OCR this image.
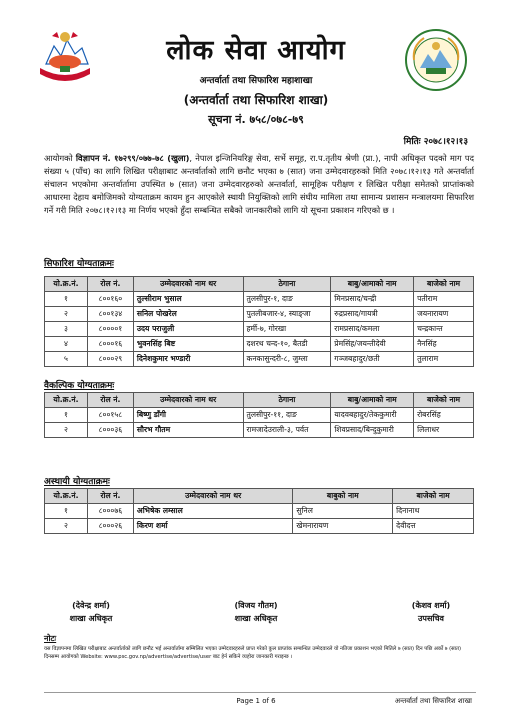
लोक सेवा आयोग
अन्तर्वार्ता तथा सिफारिश महाशाखा
(अन्तर्वार्ता तथा सिफारिश शाखा)
सूचना नं. ७५८/०७८-७९
मितिः २०७८।१२।१३
आयोगको विज्ञापन नं. १७२९९/०७७-७८ (खुला), नेपाल इन्जिनियरिङ्ग सेवा, सर्भे समूह, रा.प.तृतीय श्रेणी (प्रा.), नापी अधिकृत पदको माग पद संख्या ५ (पाँच) का लागि लिखित परीक्षाबाट अन्तर्वार्ताको लागि छनौट भएका ७ (सात) जना उम्मेदवारहरुको मिति २०७८।१२।१३ गते अन्तर्वार्ता संचालन भएकोमा अन्तर्वार्तामा उपस्थित ७ (सात) जना उम्मेदवारहरुको अन्तर्वार्ता, सामूहिक परीक्षण र लिखित परीक्षा समेतको प्राप्तांकको आधारमा देहाय बमोजिमको योग्यताक्रम कायम हुन आएकोले स्थायी नियुक्तिको लागि संघीय मामिला तथा सामान्य प्रशासन मन्त्रालयमा सिफारिश गर्ने गरी मिति २०७८।१२।१३ मा निर्णय भएको हुँदा सम्बन्धित सबैको जानकारीको लागि यो सूचना प्रकाशन गरिएको छ ।
सिफारिश योग्यताक्रमः
यो.क्र.नं.	रोल नं.	उम्मेदवारको नाम थर	ठेगाना	बाबु/आमाको नाम	बाजेको नाम
१	८००१६०	तुल्सीराम भुसाल	तुलसीपुर-१, दाङ	मिनप्रसाद/चन्द्री	पतीराम
२	८००१३४	सनिल पोखरेल	पुतलीबजार-४, स्याङ्जा	रुद्रप्रसाद/गायत्री	जयनारायण
३	८००००१	उदय पराजुली	हर्मी-७, गोरखा	रामप्रसाद/कमला	चन्द्रकान्त
४	८०००१६	भुवनसिंह बिष्ट	दशरथ चन्द-१०, बैतडी	प्रेमसिंह/जयन्तीदेवी	नैनसिंह
५	८०००२९	दिनेशकुमार भण्डारी	कनकासुन्दरी-८, जुम्ला	गञ्जबहादुर/छती	तुलाराम
वैकल्पिक योग्यताक्रमः
यो.क्र.नं.	रोल नं.	उम्मेदवारको नाम थर	ठेगाना	बाबु/आमाको नाम	बाजेको नाम
१	८००१५८	बिष्णु डाँगी	तुलसीपुर-११, दाङ	यादवबहादुर/तेककुमारी	रोबरसिंह
२	८०००३६	सौरभ गौतम	रामजादेउराली-३, पर्वत	शिवप्रसाद/बिन्दुकुमारी	लिलाधर
अस्थायी योग्यताक्रमः
यो.क्र.नं.	रोल नं.	उम्मेदवारको नाम थर	बाबुको नाम	बाजेको नाम
१	८०००७६	अभिषेक लम्साल	सुनिल	दिनानाथ
२	८०००२६	किरण शर्मा	खेमनारायण	देवीदत्त
(देवेन्द्र शर्मा)
शाखा अधिकृत
(विजय गौतम)
शाखा अधिकृत
(केशव शर्मा)
उपसचिव
नोटः
यस विज्ञापनमा लिखित परीक्षाबाट अन्तर्वार्ताको लागि छनौट भई अन्तर्वार्तामा सम्मिलित भएका उम्मेदवारहरुले प्राप्त गरेको कुल प्राप्तांक सम्बन्धित उम्मेदवारले यो नतिजा प्रकाशन भएको मितिले ७ (सात) दिन पछि अर्को ७ (सात) दिनसम्म आयोगको Website: www.psc.gov.np/advertise/advertise/user बाट हेर्न सकिने व्यहोरा जानकारी गराइन्छ ।
Page 1 of 6	अन्तर्वार्ता तथा सिफारिश शाखा
